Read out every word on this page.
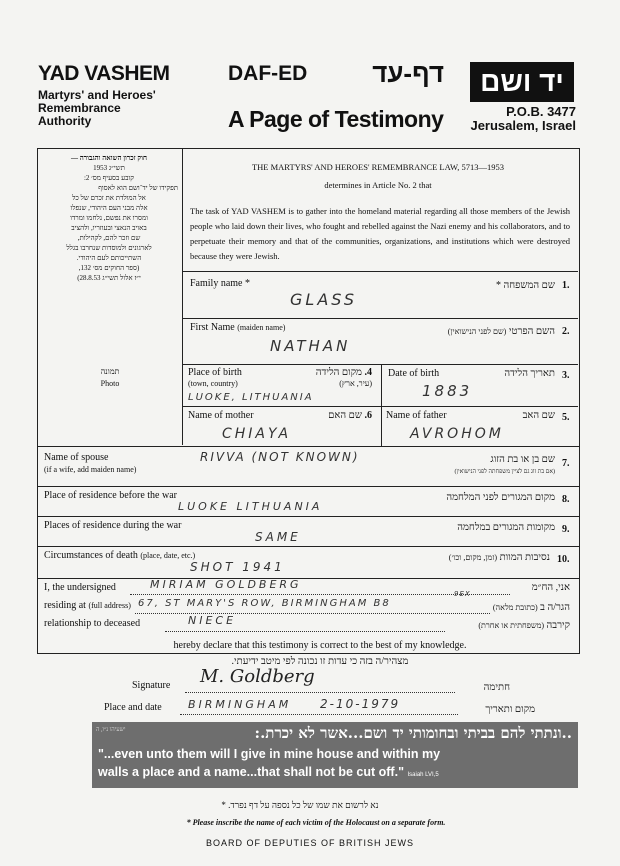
YAD VASHEM
Martyrs' and Heroes'
Remembrance
Authority
DAF-ED	דף-עד
A Page of Testimony
יד ושם
P.O.B. 3477
Jerusalem, Israel
חוק זכרון השואה והגבורה —
תשי״ג 1953
קובע בסעיף מס׳ 2:
תפקידו של יד־ושם הוא לאסוף
אל המולדת את זכרם של כל
אלה מבני העם היהודי, שנפלו
ומסרו את נפשם, נלחמו ומרדו
באויב הנאצי ובעוזריו, ולהציב
שם וזכר להם, לקהילות,
לארגונים ולמוסדות שנחרבו בגלל
השתייכותם לעם היהודי.
(ספר החוקים מס׳ 132,
י״ז אלול תשי״ג 28.8.53)
THE MARTYRS' AND HEROES' REMEMBRANCE LAW, 5713—1953
determines in Article No. 2 that
The task of YAD VASHEM is to gather into the homeland material regarding all those members of the Jewish people who laid down their lives, who fought and rebelled against the Nazi enemy and his collaborators, and to perpetuate their memory and that of the communities, organizations, and institutions which were destroyed because they were Jewish.
תמונה
Photo
Family name *	שם המשפחה *	1.
GLASS
First Name (maiden name)	השם הפרטי (שם לפני הנישואין)	2.
NATHAN
Place of birth
(town, country)
4. מקום הלידה
(עיר, ארץ)
LUOKE, LITHUANIA
Date of birth	תאריך הלידה 3.
1883
Name of mother	6. שם האם
CHIAYA
Name of father	שם האב 5.
AVROHOM
Name of spouse
(if a wife, add maiden name)
שם בן או בת הזוג
(אם בת זוג גם לציין משפחתה לפני הנישואין)
7.
RIVVA (NOT KNOWN)
Place of residence before the war	מקום המגורים לפני המלחמה 8.
LUOKE LITHUANIA
Places of residence during the war	מקומות המגורים במלחמה 9.
SAME
Circumstances of death (place, date, etc.)	נסיבות המוות (זמן, מקום, וכו׳)	10.
SHOT 1941
I, the undersigned	אני, הח״מ
MIRIAM GOLDBERG
residing at (full address)	הגר/ה ב (כתובת מלאה)
67, ST MARY'S ROW, BIRMINGHAM B8
9EX
relationship to deceased	קירבה (משפחתית או אחרת)
NIECE
hereby declare that this testimony is correct to the best of my knowledge.
מצהיר/ה בזה כי עדות זו נכונה לפי מיטב ידיעתי.
Signature M. Goldberg
חתימה
Place and date BIRMINGHAM 2-10-1979	מקום ותאריך
..ונתתי להם בביתי ובחומותי יד ושם...אשר לא יכרת.:
ישעיהו נ״ו, ה
"...even unto them will I give in mine house and within my
walls a place and a name...that shall not be cut off." Isaiah LVI,5
נא לרשום את שמו של כל נספה על דף נפרד. *
* Please inscribe the name of each victim of the Holocaust on a separate form.
BOARD OF DEPUTIES OF BRITISH JEWS
